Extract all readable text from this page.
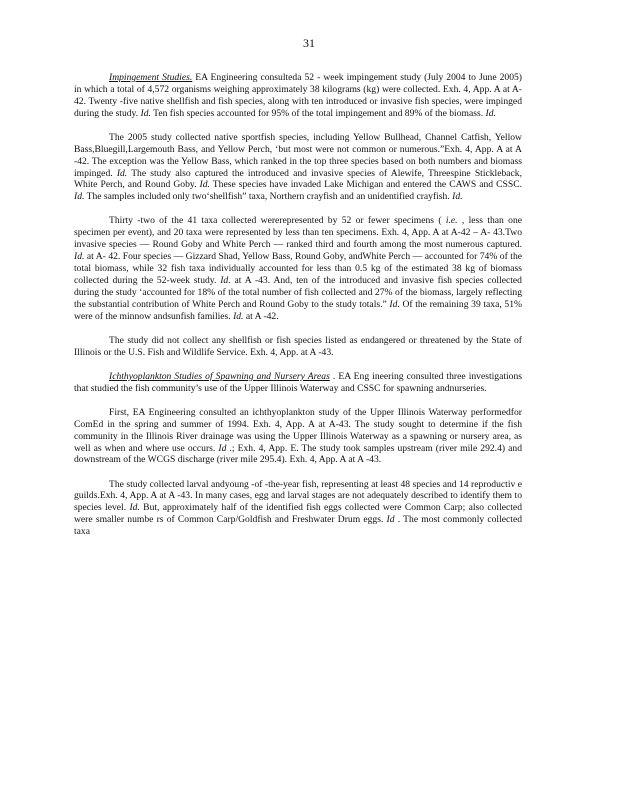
31

Impingement Studies. EA Engineering consulteda 52 - week impingement study (July 2004 to June 2005) in which a total of 4,572 organisms weighing approximately 38 kilograms (kg) were collected. Exh. 4, App. A at A-42. Twenty -five native shellfish and fish species, along with ten introduced or invasive fish species, were impinged during the study. Id. Ten fish species accounted for 95% of the total impingement and 89% of the biomass. Id.

The 2005 study collected native sportfish species, including Yellow Bullhead, Channel Catfish, Yellow Bass,Bluegill,Largemouth Bass, and Yellow Perch, ‘but most were not common or numerous.”Exh. 4, App. A at A -42. The exception was the Yellow Bass, which ranked in the top three species based on both numbers and biomass impinged. Id. The study also captured the introduced and invasive species of Alewife, Threespine Stickleback, White Perch, and Round Goby. Id. These species have invaded Lake Michigan and entered the CAWS and CSSC. Id. The samples included only two‘shellfish” taxa, Northern crayfish and an unidentified crayfish. Id.

Thirty -two of the 41 taxa collected wererepresented by 52 or fewer specimens ( i.e. , less than one specimen per event), and 20 taxa were represented by less than ten specimens. Exh. 4, App. A at A-42 – A- 43.Two invasive species — Round Goby and White Perch — ranked third and fourth among the most numerous captured. Id. at A- 42. Four species — Gizzard Shad, Yellow Bass, Round Goby, andWhite Perch — accounted for 74% of the total biomass, while 32 fish taxa individually accounted for less than 0.5 kg of the estimated 38 kg of biomass collected during the 52-week study. Id. at A -43. And, ten of the introduced and invasive fish species collected during the study ‘accounted for 18% of the total number of fish collected and 27% of the biomass, largely reflecting the substantial contribution of White Perch and Round Goby to the study totals.” Id. Of the remaining 39 taxa, 51% were of the minnow andsunfish families. Id. at A -42.

The study did not collect any shellfish or fish species listed as endangered or threatened by the State of Illinois or the U.S. Fish and Wildlife Service. Exh. 4, App. at A -43.

Ichthyoplankton Studies of Spawning and Nursery Areas . EA Eng ineering consulted three investigations that studied the fish community’s use of the Upper Illinois Waterway and CSSC for spawning andnurseries.

First, EA Engineering consulted an ichthyoplankton study of the Upper Illinois Waterway performedfor ComEd in the spring and summer of 1994. Exh. 4, App. A at A-43. The study sought to determine if the fish community in the Illinois River drainage was using the Upper Illinois Waterway as a spawning or nursery area, as well as when and where use occurs. Id .; Exh. 4, App. E. The study took samples upstream (river mile 292.4) and downstream of the WCGS discharge (river mile 295.4). Exh. 4, App. A at A -43.

The study collected larval andyoung -of -the-year fish, representing at least 48 species and 14 reproductiv e guilds.Exh. 4, App. A at A -43. In many cases, egg and larval stages are not adequately described to identify them to species level. Id. But, approximately half of the identified fish eggs collected were Common Carp; also collected were smaller numbe rs of Common Carp/Goldfish and Freshwater Drum eggs. Id . The most commonly collected taxa
